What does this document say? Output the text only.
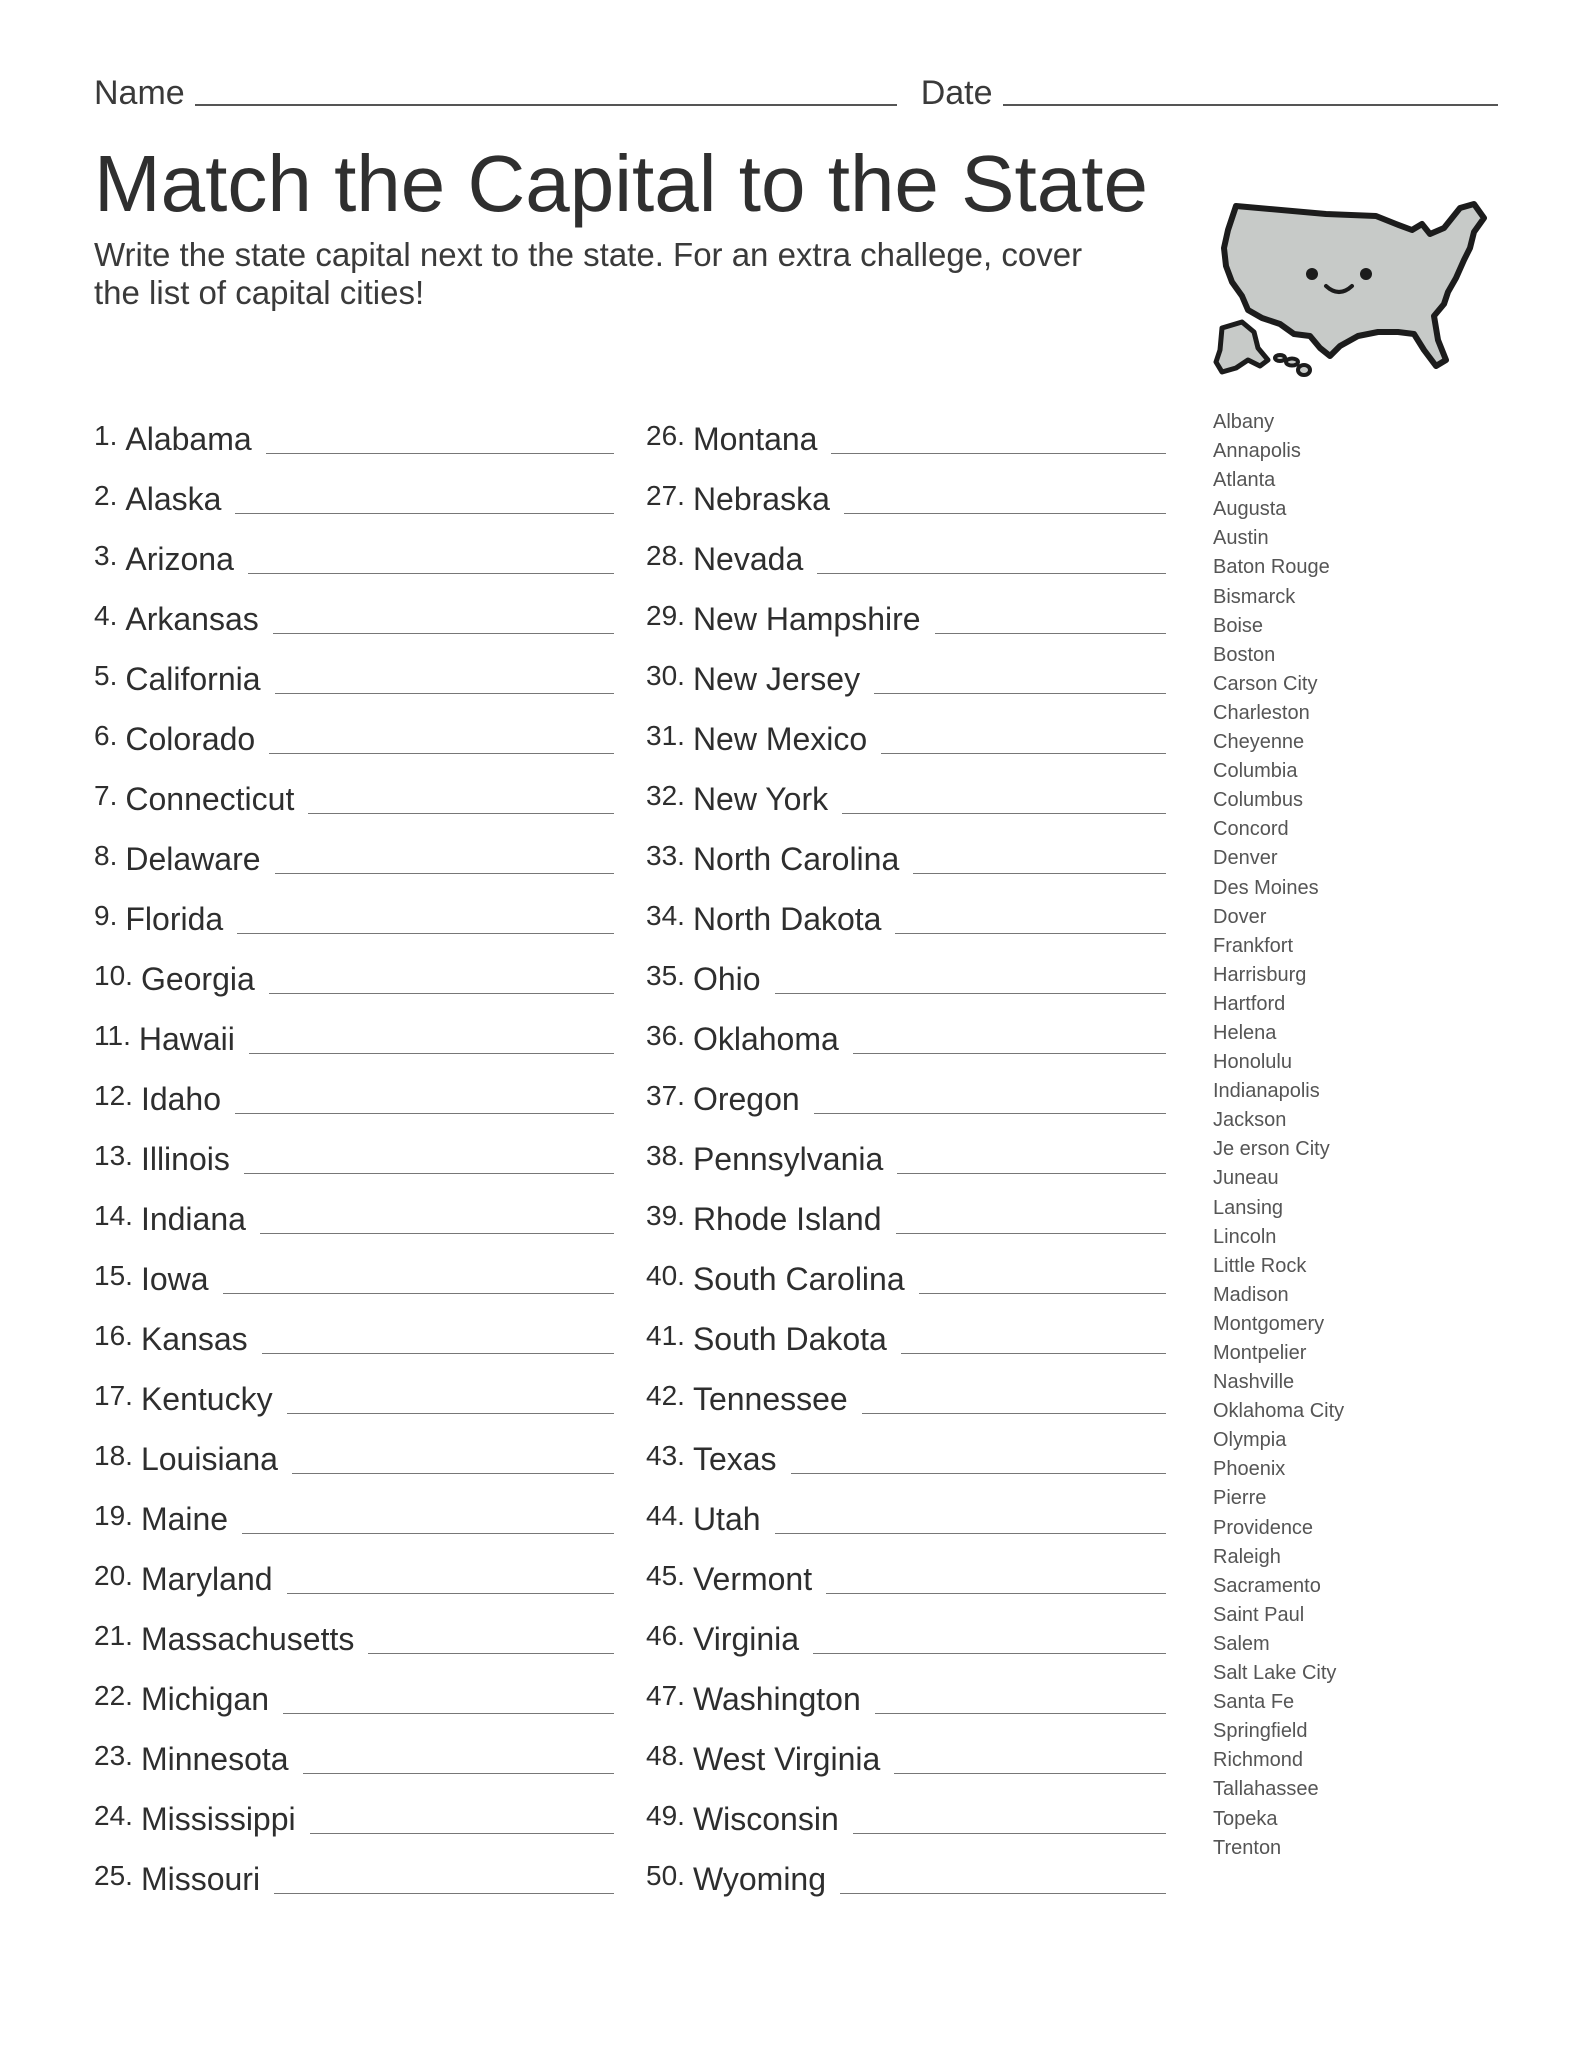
Name	Date
Match the Capital to the State

Write the state capital next to the state. For an extra challege, cover the list of capital cities!

1. Alabama
2. Alaska
3. Arizona
4. Arkansas
5. California
6. Colorado
7. Connecticut
8. Delaware
9. Florida
10. Georgia
11. Hawaii
12. Idaho
13. Illinois
14. Indiana
15. Iowa
16. Kansas
17. Kentucky
18. Louisiana
19. Maine
20. Maryland
21. Massachusetts
22. Michigan
23. Minnesota
24. Mississippi
25. Missouri
26. Montana
27. Nebraska
28. Nevada
29. New Hampshire
30. New Jersey
31. New Mexico
32. New York
33. North Carolina
34. North Dakota
35. Ohio
36. Oklahoma
37. Oregon
38. Pennsylvania
39. Rhode Island
40. South Carolina
41. South Dakota
42. Tennessee
43. Texas
44. Utah
45. Vermont
46. Virginia
47. Washington
48. West Virginia
49. Wisconsin
50. Wyoming
Albany
Annapolis
Atlanta
Augusta
Austin
Baton Rouge
Bismarck
Boise
Boston
Carson City
Charleston
Cheyenne
Columbia
Columbus
Concord
Denver
Des Moines
Dover
Frankfort
Harrisburg
Hartford
Helena
Honolulu
Indianapolis
Jackson
Je erson City
Juneau
Lansing
Lincoln
Little Rock
Madison
Montgomery
Montpelier
Nashville
Oklahoma City
Olympia
Phoenix
Pierre
Providence
Raleigh
Sacramento
Saint Paul
Salem
Salt Lake City
Santa Fe
Springfield
Richmond
Tallahassee
Topeka
Trenton
